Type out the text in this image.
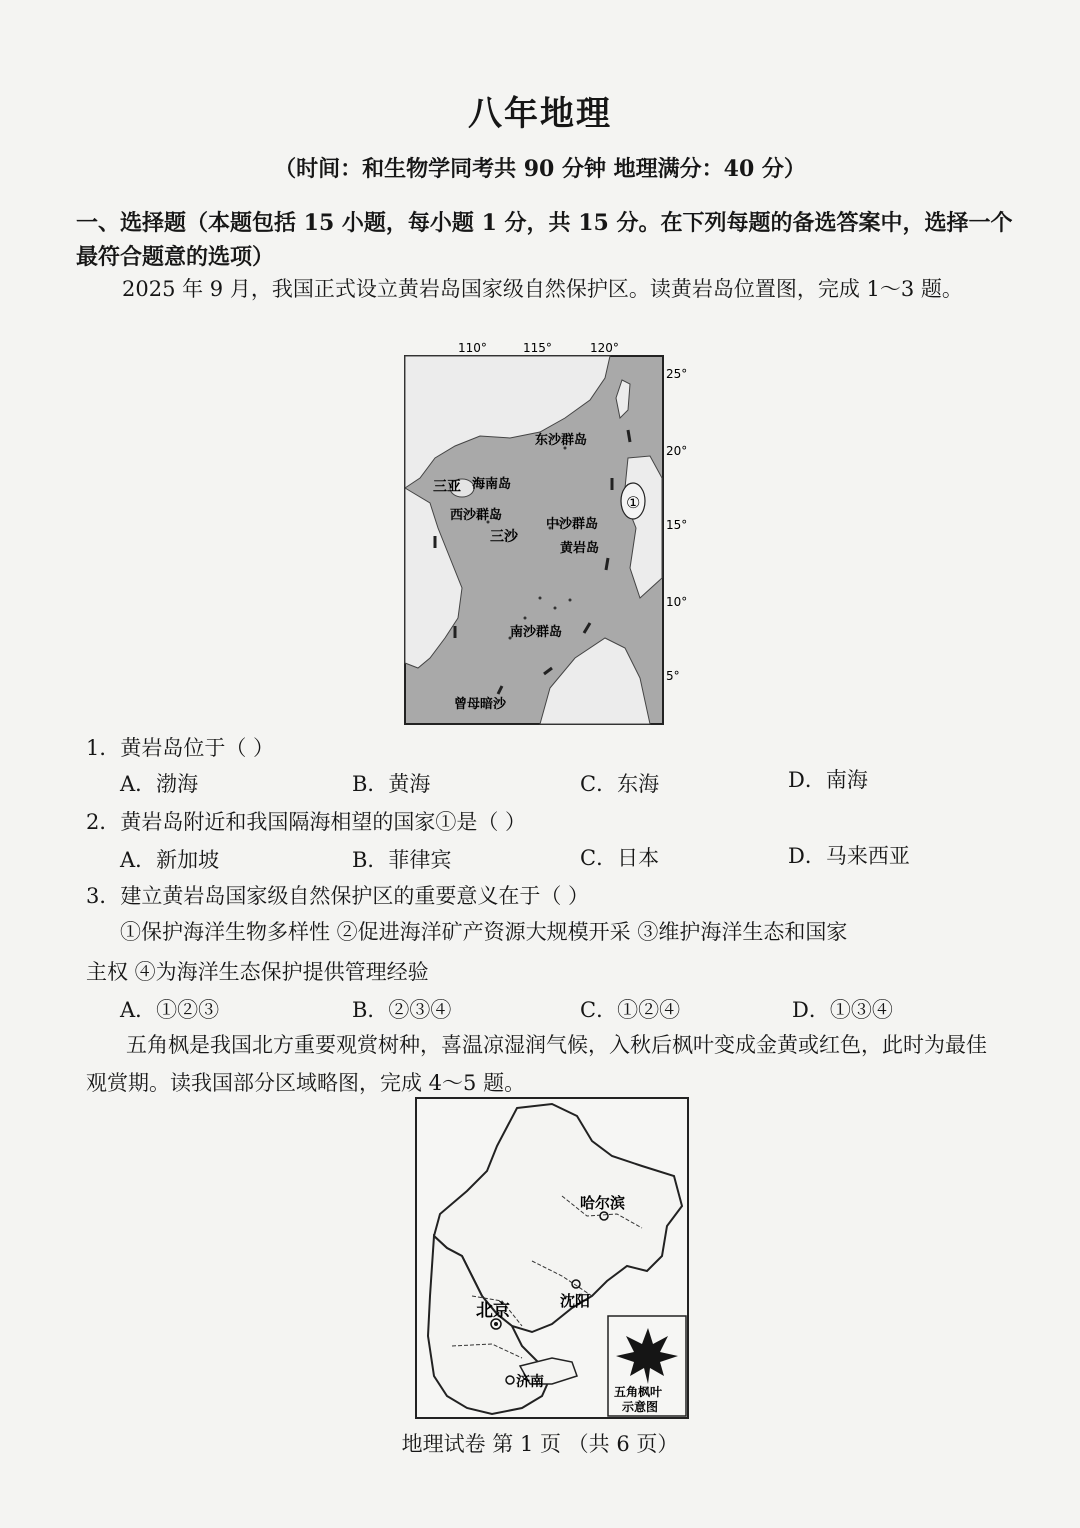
八年地理
（时间：和生物学同考共 90 分钟 地理满分：40 分）
一、选择题（本题包括 15 小题，每小题 1 分，共 15 分。在下列每题的备选答案中，选择一个最符合题意的选项）
2025 年 9 月，我国正式设立黄岩岛国家级自然保护区。读黄岩岛位置图，完成 1～3 题。
①
110°	115°	120°
25°
20°
15°
10°
5°
东沙群岛
三亚 海南岛
西沙群岛
三沙
中沙群岛
黄岩岛
南沙群岛
曾母暗沙
1．黄岩岛位于（ ）
A．渤海	B．黄海	C．东海	D．南海
2．黄岩岛附近和我国隔海相望的国家①是（ ）
A．新加坡	B．菲律宾	C．日本	D．马来西亚
3．建立黄岩岛国家级自然保护区的重要意义在于（ ）
①保护海洋生物多样性 ②促进海洋矿产资源大规模开采 ③维护海洋生态和国家
主权 ④为海洋生态保护提供管理经验
A．①②③	B．②③④	C．①②④	D．①③④
五角枫是我国北方重要观赏树种，喜温凉湿润气候，入秋后枫叶变成金黄或红色，此时为最佳观赏期。读我国部分区域略图，完成 4～5 题。
哈尔滨
沈阳
北京
济南
五角枫叶
示意图
地理试卷 第 1 页 （共 6 页）
